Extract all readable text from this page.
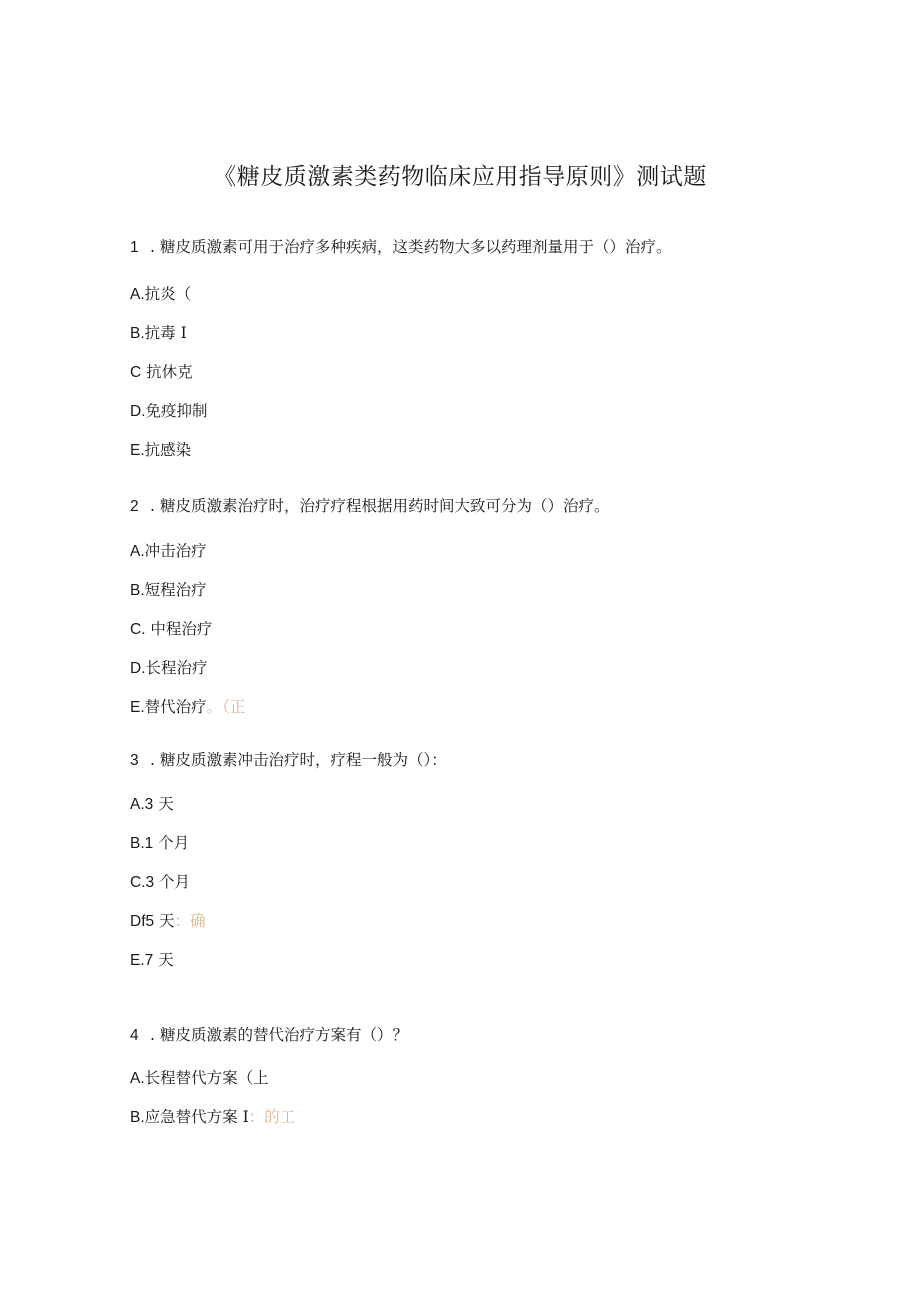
《糖皮质激素类药物临床应用指导原则》测试题
1 . 糖皮质激素可用于治疗多种疾病，这类药物大多以药理剂量用于（）治疗。
A.抗炎（
B.抗毒 I
C 抗休克
D.免疫抑制
E.抗感染
2 . 糖皮质激素治疗时，治疗疗程根据用药时间大致可分为（）治疗。
A.冲击治疗
B.短程治疗
C. 中程治疗
D.长程治疗
E.替代治疗。（正
3 . 糖皮质激素冲击治疗时，疗程一般为（）：
A.3 天
B.1 个月
C.3 个月
Df5 天：确
E.7 天
4 . 糖皮质激素的替代治疗方案有（）？
A.长程替代方案（上
B.应急替代方案 I：的工
